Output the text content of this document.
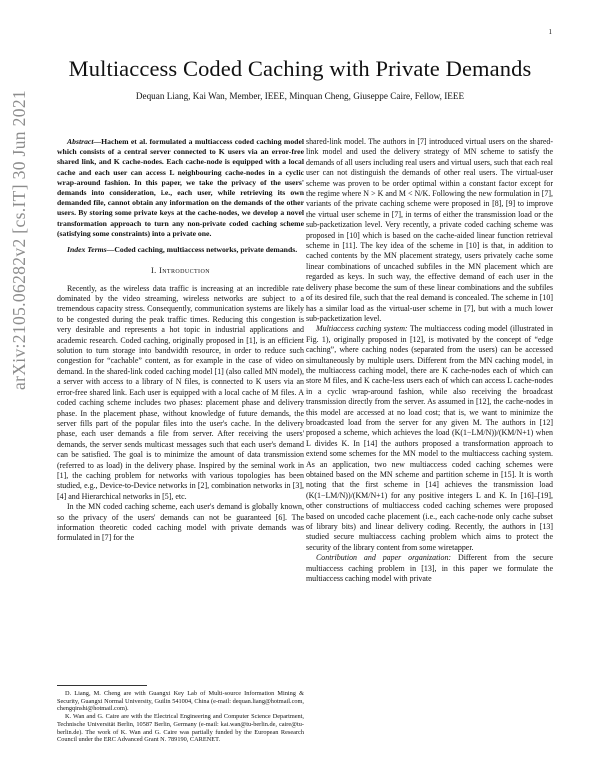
1
arXiv:2105.06282v2 [cs.IT] 30 Jun 2021
Multiaccess Coded Caching with Private Demands
Dequan Liang, Kai Wan, Member, IEEE, Minquan Cheng, Giuseppe Caire, Fellow, IEEE

Abstract—Hachem et al. formulated a multiaccess coded caching model which consists of a central server connected to K users via an error-free shared link, and K cache-nodes. Each cache-node is equipped with a local cache and each user can access L neighbouring cache-nodes in a cyclic wrap-around fashion. In this paper, we take the privacy of the users' demands into consideration, i.e., each user, while retrieving its own demanded file, cannot obtain any information on the demands of the other users. By storing some private keys at the cache-nodes, we develop a novel transformation approach to turn any non-private coded caching scheme (satisfying some constraints) into a private one.

Index Terms—Coded caching, multiaccess networks, private demands.

I. Introduction

Recently, as the wireless data traffic is increasing at an incredible rate dominated by the video streaming, wireless networks are subject to a tremendous capacity stress. Consequently, communication systems are likely to be congested during the peak traffic times. Reducing this congestion is very desirable and represents a hot topic in industrial applications and academic research. Coded caching, originally proposed in [1], is an efficient solution to turn storage into bandwidth resource, in order to reduce such congestion for “cachable” content, as for example in the case of video on demand. In the shared-link coded caching model [1] (also called MN model), a server with access to a library of N files, is connected to K users via an error-free shared link. Each user is equipped with a local cache of M files. A coded caching scheme includes two phases: placement phase and delivery phase. In the placement phase, without knowledge of future demands, the server fills part of the popular files into the user's cache. In the delivery phase, each user demands a file from server. After receiving the users' demands, the server sends multicast messages such that each user's demand can be satisfied. The goal is to minimize the amount of data transmission (referred to as load) in the delivery phase. Inspired by the seminal work in [1], the caching problem for networks with various topologies has been studied, e.g., Device-to-Device networks in [2], combination networks in [3], [4] and Hierarchical networks in [5], etc.

In the MN coded caching scheme, each user's demand is globally known, so the privacy of the users' demands can not be guaranteed [6]. The information theoretic coded caching model with private demands was formulated in [7] for the

D. Liang, M. Cheng are with Guangxi Key Lab of Multi-source Information Mining & Security, Guangxi Normal University, Guilin 541004, China (e-mail: dequan.liang@hotmail.com, chengqinshi@hotmail.com).

K. Wan and G. Caire are with the Electrical Engineering and Computer Science Department, Technische Universität Berlin, 10587 Berlin, Germany (e-mail: kai.wan@tu-berlin.de, caire@tu-berlin.de). The work of K. Wan and G. Caire was partially funded by the European Research Council under the ERC Advanced Grant N. 789190, CARENET.

shared-link model. The authors in [7] introduced virtual users on the shared-link model and used the delivery strategy of MN scheme to satisfy the demands of all users including real users and virtual users, such that each real user can not distinguish the demands of other real users. The virtual-user scheme was proven to be order optimal within a constant factor except for the regime where N > K and M < N/K. Following the new formulation in [7], variants of the private caching scheme were proposed in [8], [9] to improve the virtual user scheme in [7], in terms of either the transmission load or the sub-packetization level. Very recently, a private coded caching scheme was proposed in [10] which is based on the cache-aided linear function retrieval scheme in [11]. The key idea of the scheme in [10] is that, in addition to cached contents by the MN placement strategy, users privately cache some linear combinations of uncached subfiles in the MN placement which are regarded as keys. In such way, the effective demand of each user in the delivery phase become the sum of these linear combinations and the subfiles of its desired file, such that the real demand is concealed. The scheme in [10] has a similar load as the virtual-user scheme in [7], but with a much lower sub-packetization level.

Multiaccess caching system: The multiaccess coding model (illustrated in Fig. 1), originally proposed in [12], is motivated by the concept of “edge caching”, where caching nodes (separated from the users) can be accessed simultaneously by multiple users. Different from the MN caching model, in the multiaccess caching model, there are K cache-nodes each of which can store M files, and K cache-less users each of which can access L cache-nodes in a cyclic wrap-around fashion, while also receiving the broadcast transmission directly from the server. As assumed in [12], the cache-nodes in this model are accessed at no load cost; that is, we want to minimize the broadcasted load from the server for any given M. The authors in [12] proposed a scheme, which achieves the load (K(1−LM/N))/(KM/N+1) when L divides K. In [14] the authors proposed a transformation approach to extend some schemes for the MN model to the multiaccess caching system. As an application, two new multiaccess coded caching schemes were obtained based on the MN scheme and partition scheme in [15]. It is worth noting that the first scheme in [14] achieves the transmission load (K(1−LM/N))/(KM/N+1) for any positive integers L and K. In [16]–[19], other constructions of multiaccess coded caching schemes were proposed based on uncoded cache placement (i.e., each cache-node only cache subset of library bits) and linear delivery coding. Recently, the authors in [13] studied secure multiaccess caching problem which aims to protect the security of the library content from some wiretapper.

Contribution and paper organization: Different from the secure multiaccess caching problem in [13], in this paper we formulate the multiaccess caching model with private
